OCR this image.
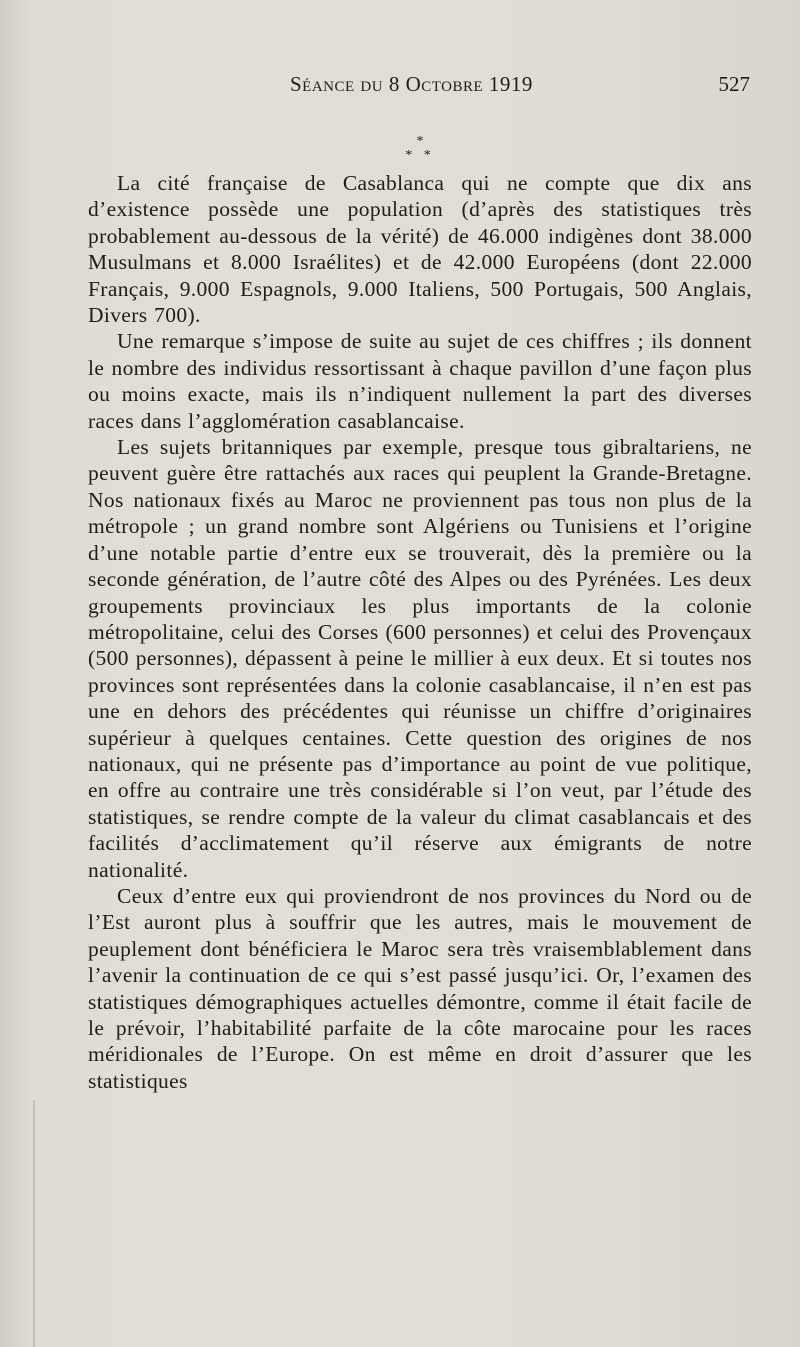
Séance du 8 Octobre 1919	527
*
* *

La cité française de Casablanca qui ne compte que dix ans d’existence possède une population (d’après des statistiques très probablement au-dessous de la vérité) de 46.000 indigènes dont 38.000 Musulmans et 8.000 Israélites) et de 42.000 Européens (dont 22.000 Français, 9.000 Espagnols, 9.000 Italiens, 500 Portugais, 500 Anglais, Divers 700).

Une remarque s’impose de suite au sujet de ces chiffres ; ils donnent le nombre des individus ressortissant à chaque pavillon d’une façon plus ou moins exacte, mais ils n’indiquent nullement la part des diverses races dans l’agglomération casablancaise.

Les sujets britanniques par exemple, presque tous gibraltariens, ne peuvent guère être rattachés aux races qui peuplent la Grande-Bretagne. Nos nationaux fixés au Maroc ne proviennent pas tous non plus de la métropole ; un grand nombre sont Algériens ou Tunisiens et l’origine d’une notable partie d’entre eux se trouverait, dès la première ou la seconde génération, de l’autre côté des Alpes ou des Pyrénées. Les deux groupements provinciaux les plus importants de la colonie métropolitaine, celui des Corses (600 personnes) et celui des Provençaux (500 personnes), dépassent à peine le millier à eux deux. Et si toutes nos provinces sont représentées dans la colonie casablancaise, il n’en est pas une en dehors des précédentes qui réunisse un chiffre d’originaires supérieur à quelques centaines. Cette question des origines de nos nationaux, qui ne présente pas d’importance au point de vue politique, en offre au contraire une très considérable si l’on veut, par l’étude des statistiques, se rendre compte de la valeur du climat casablancais et des facilités d’acclimatement qu’il réserve aux émigrants de notre nationalité.

Ceux d’entre eux qui proviendront de nos provinces du Nord ou de l’Est auront plus à souffrir que les autres, mais le mouvement de peuplement dont bénéficiera le Maroc sera très vraisemblablement dans l’avenir la continuation de ce qui s’est passé jusqu’ici. Or, l’examen des statistiques démographiques actuelles démontre, comme il était facile de le prévoir, l’habitabilité parfaite de la côte marocaine pour les races méridionales de l’Europe. On est même en droit d’assurer que les statistiques
